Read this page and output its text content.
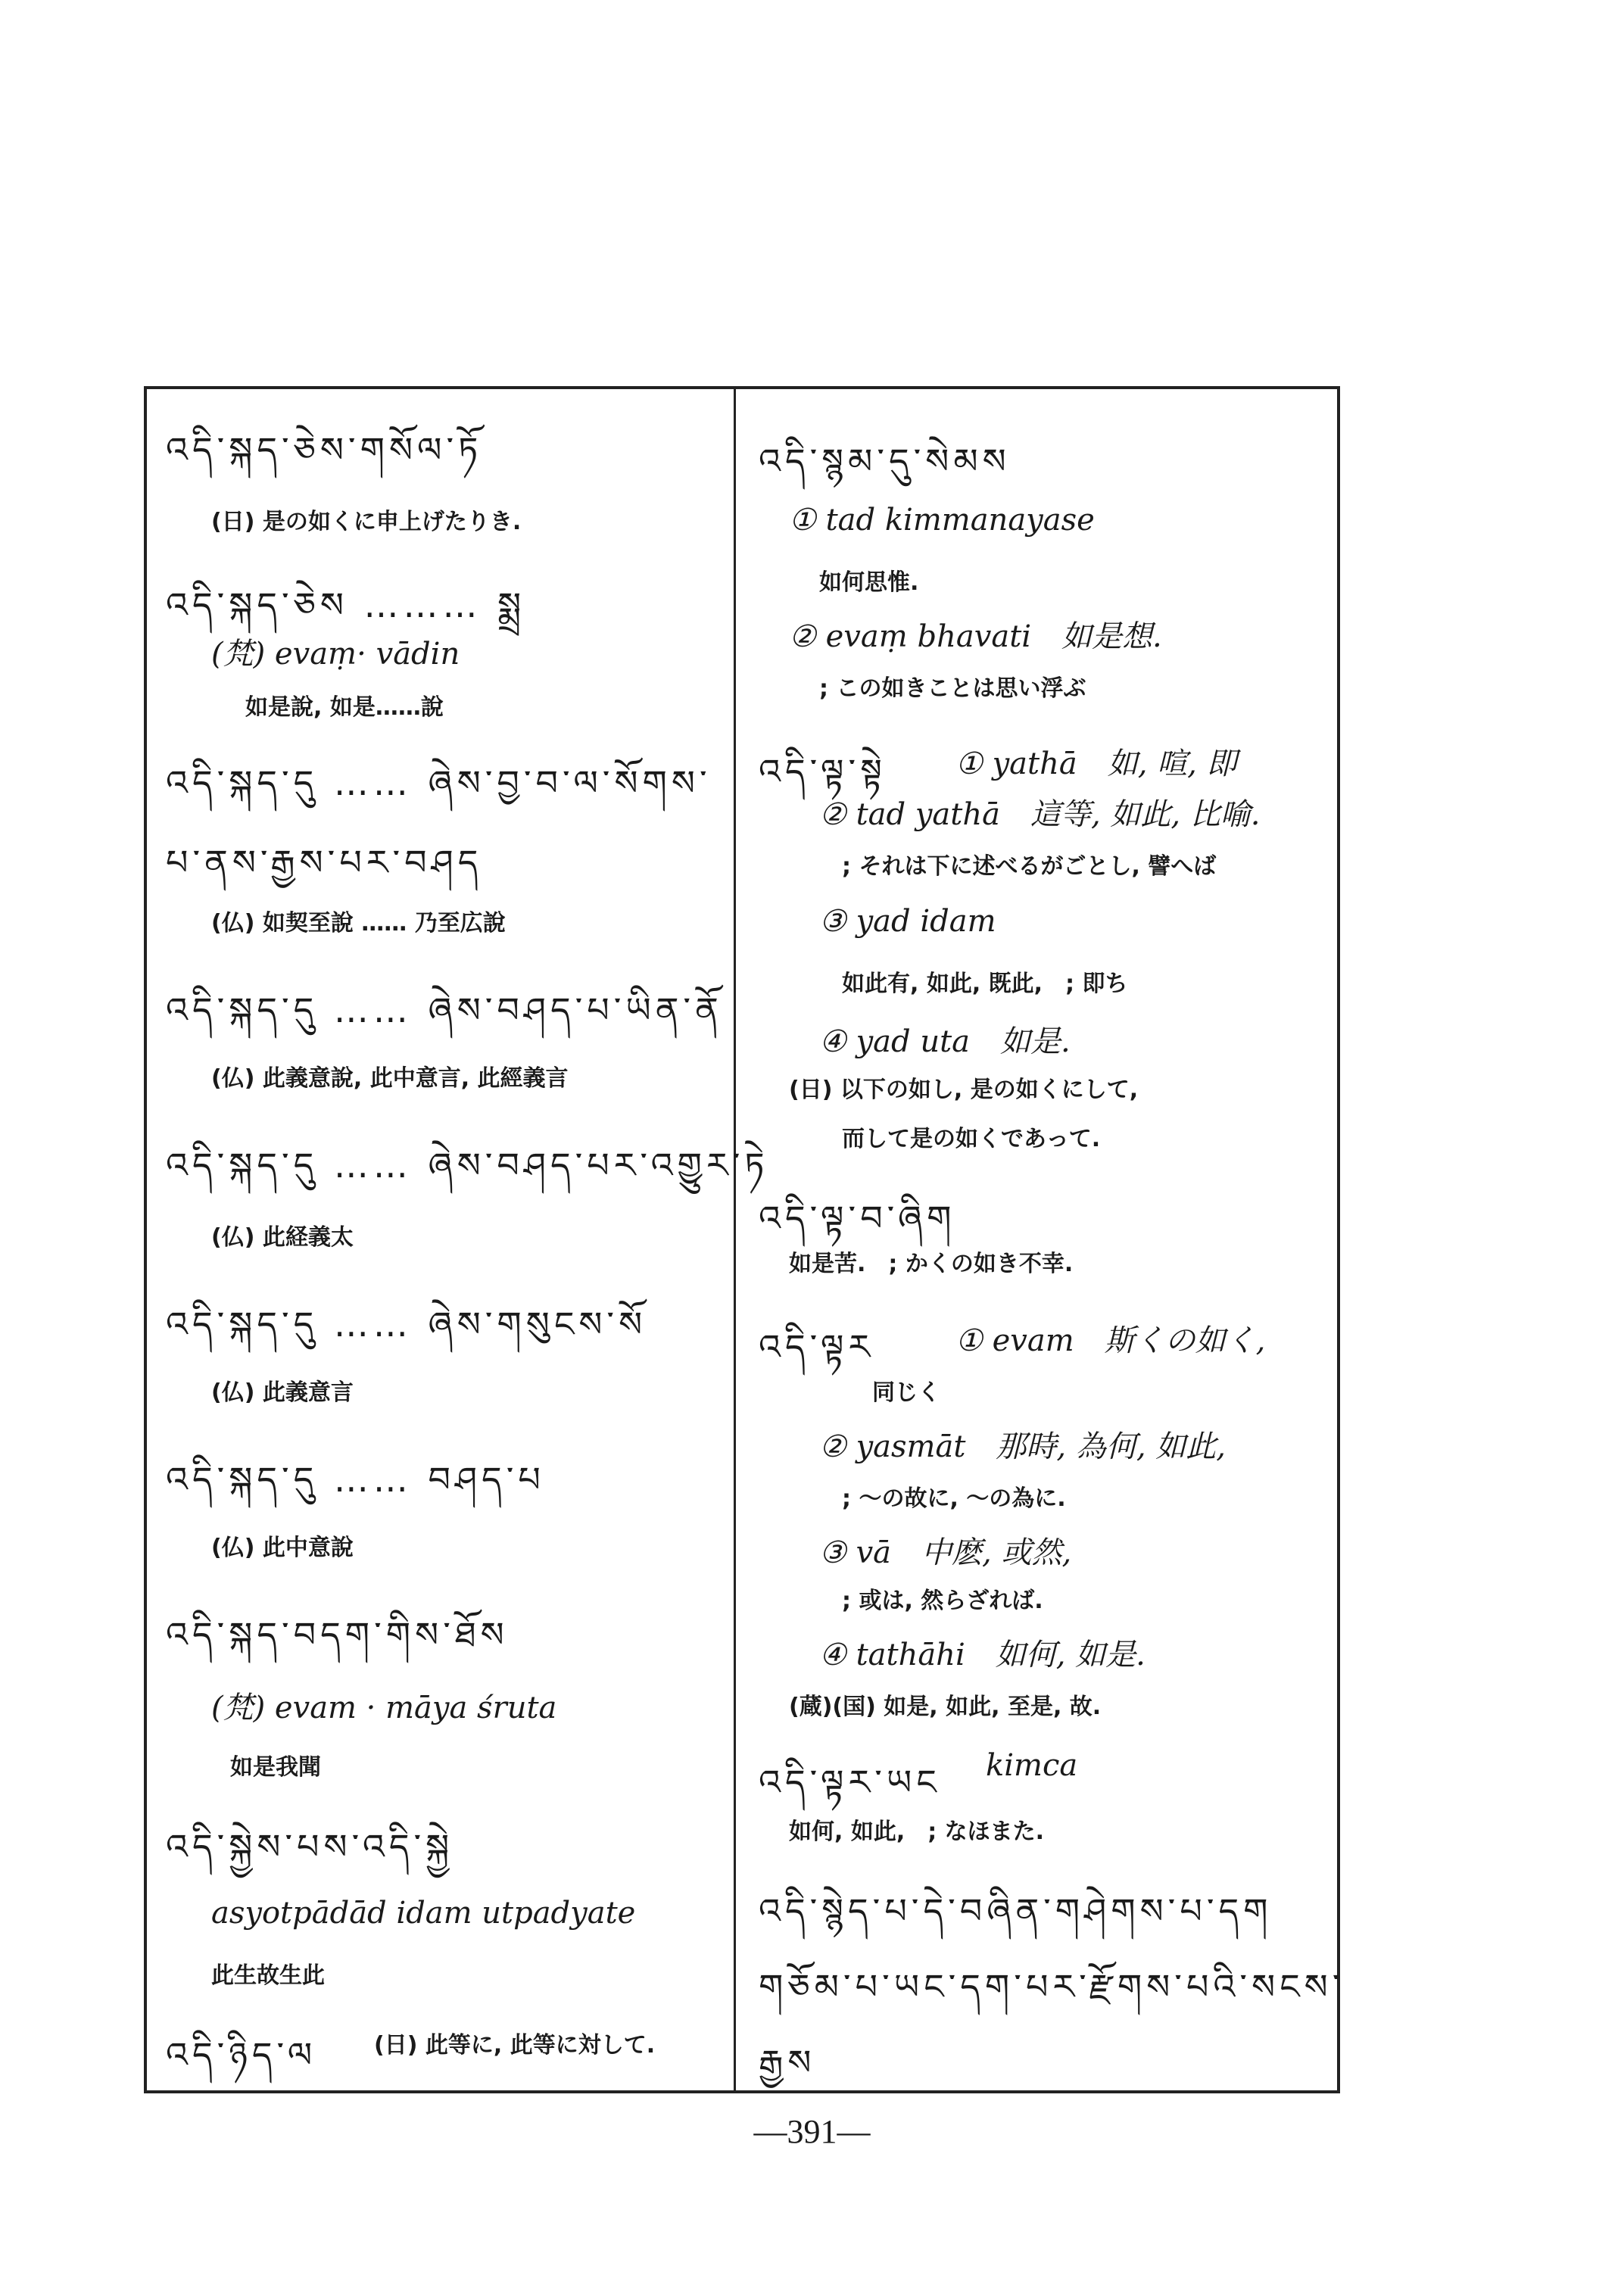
འདི་སྐད་ཅེས་གསོལ་ཏོ
(日) 是の如くに申上げたりき.
འདི་སྐད་ཅེས ……… སྨྲ
(梵) evaṃ· vādin
如是說, 如是……說
འདི་སྐད་དུ …… ཞེས་བྱ་བ་ལ་སོགས་
པ་ནས་རྒྱས་པར་བཤད
(仏) 如契至說 …… 乃至広說
འདི་སྐད་དུ …… ཞེས་བཤད་པ་ཡིན་ནོ
(仏) 此義意說, 此中意言, 此經義言
འདི་སྐད་དུ …… ཞེས་བཤད་པར་འགྱུར་ཏེ
(仏) 此経義太
འདི་སྐད་དུ …… ཞེས་གསུངས་སོ
(仏) 此義意言
འདི་སྐད་དུ …… བཤད་པ
(仏) 此中意說
འདི་སྐད་བདག་གིས་ཐོས
(梵) evam · māya śruta
如是我聞
འདི་སྐྱེས་པས་འདི་སྐྱེ
asyotpādād idam utpadyate
此生故生此
འདི་ཉིད་ལ	(日) 此等に, 此等に対して.
འདི་སྙམ་དུ་སེམས
① tad kimmanayase
如何思惟.
② evaṃ bhavati　如是想.
; この如きことは思い浮ぶ
འདི་ལྟ་སྟེ ① yathā　如, 喧, 即
② tad yathā　這等, 如此, 比喻.
; それは下に述べるがごとし, 譬へば
③ yad idam
如此有, 如此, 既此,　; 即ち
④ yad uta　如是.
(日) 以下の如し, 是の如くにして,
而して是の如くであって.
འདི་ལྟ་བ་ཞིག
如是苦.　; かくの如き不幸.
འདི་ལྟར	① evam　斯くの如く,
同じく
② yasmāt　那時, 為何, 如此,
; 〜の故に, 〜の為に.
③ vā　中麽, 或然,
; 或は, 然らざれば.
④ tathāhi　如何, 如是.
(蔵)(国) 如是, 如此, 至是, 故.
འདི་ལྟར་ཡང kimca
如何, 如此,　; なほまた.
འདི་སྙེད་པ་དེ་བཞིན་གཤེགས་པ་དག
གཅོམ་པ་ཡང་དག་པར་རྫོགས་པའི་སངས་
རྒྱས
—391—
